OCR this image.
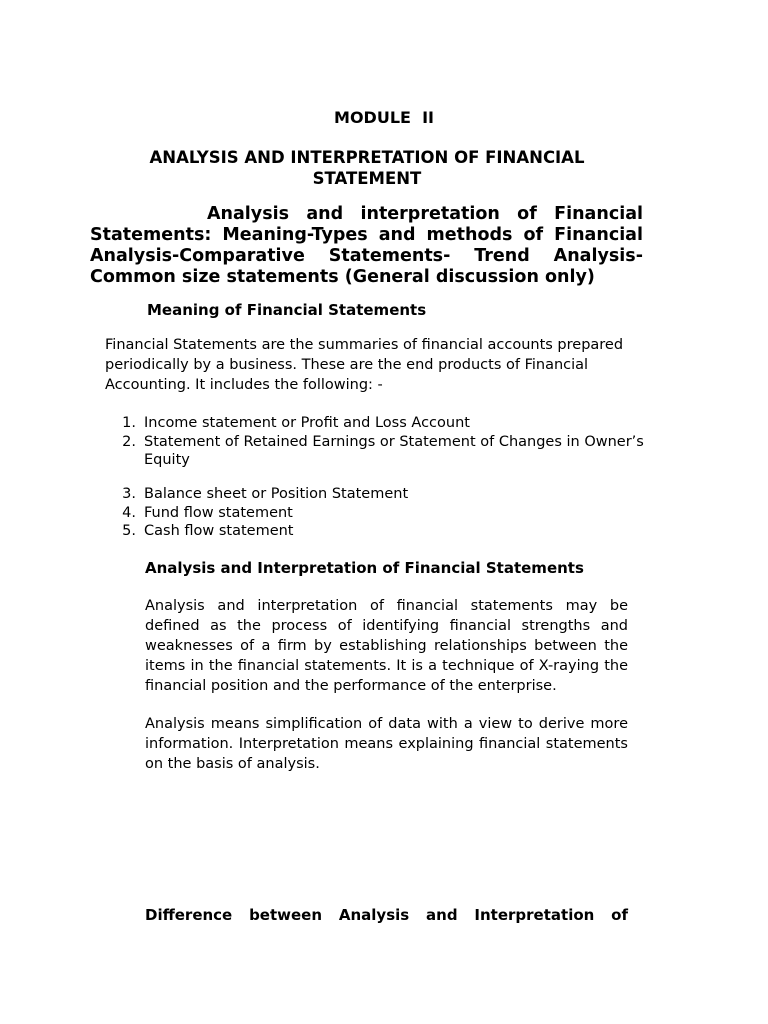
MODULE  II
ANALYSIS AND INTERPRETATION OF FINANCIAL STATEMENT
Analysis and interpretation of Financial Statements: Meaning-Types and methods of Financial Analysis-Comparative Statements- Trend Analysis-Common size statements (General discussion only)
Meaning of Financial Statements
Financial Statements are the summaries of financial accounts prepared periodically by a business. These are the end products of Financial Accounting. It includes the following: -
1. Income statement or Profit and Loss Account
2. Statement of Retained Earnings or Statement of Changes in Owner’s Equity
3. Balance sheet or Position Statement
4. Fund flow statement
5. Cash flow statement
Analysis and Interpretation of Financial Statements
Analysis and interpretation of financial statements may be defined as the process of identifying financial strengths and weaknesses of a firm by establishing relationships between the items in the financial statements. It is a technique of X-raying the financial position and the performance of the enterprise.
Analysis means simplification of data with a view to derive more information. Interpretation means explaining financial statements on the basis of analysis.
Difference between Analysis and Interpretation of
